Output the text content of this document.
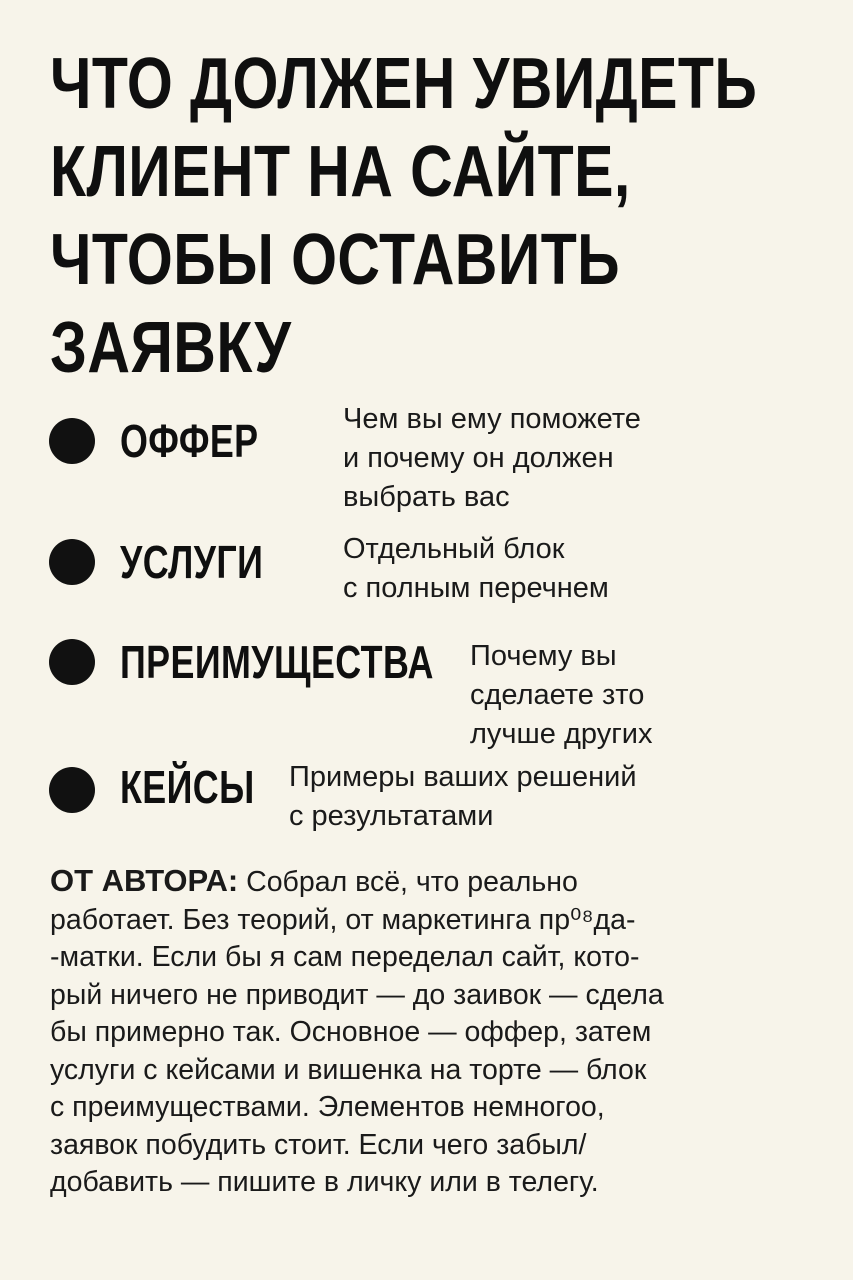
ЧТО ДОЛЖЕН УВИДЕТЬ
КЛИЕНТ НА САЙТЕ,
ЧТОБЫ ОСТАВИТЬ
ЗАЯВКУ
ОФФЕР	Чем вы ему поможете
и почему он должен
выбрать вас
УСЛУГИ	Отдельный блок
с полным перечнем
ПРЕИМУЩЕСТВА Почему вы
сделаете зто
лучше других
КЕЙСЫ Примеры ваших решений
с результатами
ОТ АВТОРА: Собрал всё, что реально
работает. Без теорий, от маркетинга пр⁰⁸да-
-матки. Если бы я сам переделал сайт, кото-
рый ничего не приводит — до заивок — сдела
бы примерно так. Основное — оффер, затем
услуги с кейсами и вишенка на торте — блок
с преимуществами. Элементов немногоо,
заявок побудить стоит. Если чего забыл/
добавить — пишите в личку или в телегу.
